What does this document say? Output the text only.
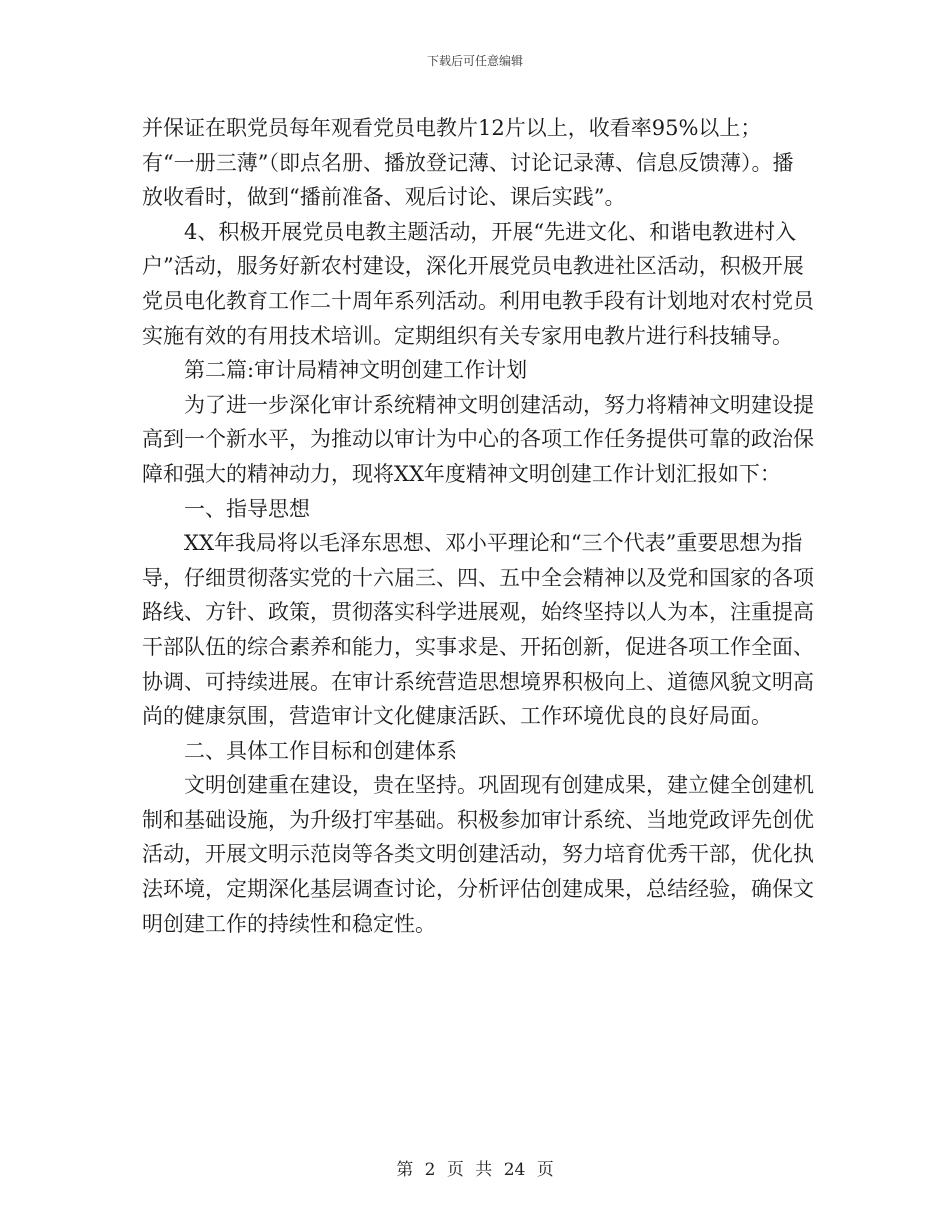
下载后可任意编辑

并保证在职党员每年观看党员电教片12片以上，收看率95%以上；有“一册三薄”（即点名册、播放登记薄、讨论记录薄、信息反馈薄）。播放收看时，做到“播前准备、观后讨论、课后实践”。

4、积极开展党员电教主题活动，开展“先进文化、和谐电教进村入户”活动，服务好新农村建设，深化开展党员电教进社区活动，积极开展党员电化教育工作二十周年系列活动。利用电教手段有计划地对农村党员实施有效的有用技术培训。定期组织有关专家用电教片进行科技辅导。

第二篇:审计局精神文明创建工作计划

为了进一步深化审计系统精神文明创建活动，努力将精神文明建设提高到一个新水平，为推动以审计为中心的各项工作任务提供可靠的政治保障和强大的精神动力，现将XX年度精神文明创建工作计划汇报如下：

一、指导思想

XX年我局将以毛泽东思想、邓小平理论和“三个代表”重要思想为指导，仔细贯彻落实党的十六届三、四、五中全会精神以及党和国家的各项路线、方针、政策，贯彻落实科学进展观，始终坚持以人为本，注重提高干部队伍的综合素养和能力，实事求是、开拓创新，促进各项工作全面、协调、可持续进展。在审计系统营造思想境界积极向上、道德风貌文明高尚的健康氛围，营造审计文化健康活跃、工作环境优良的良好局面。

二、具体工作目标和创建体系

文明创建重在建设，贵在坚持。巩固现有创建成果，建立健全创建机制和基础设施，为升级打牢基础。积极参加审计系统、当地党政评先创优活动，开展文明示范岗等各类文明创建活动，努力培育优秀干部，优化执法环境，定期深化基层调查讨论，分析评估创建成果，总结经验，确保文明创建工作的持续性和稳定性。

第 2 页 共 24 页
